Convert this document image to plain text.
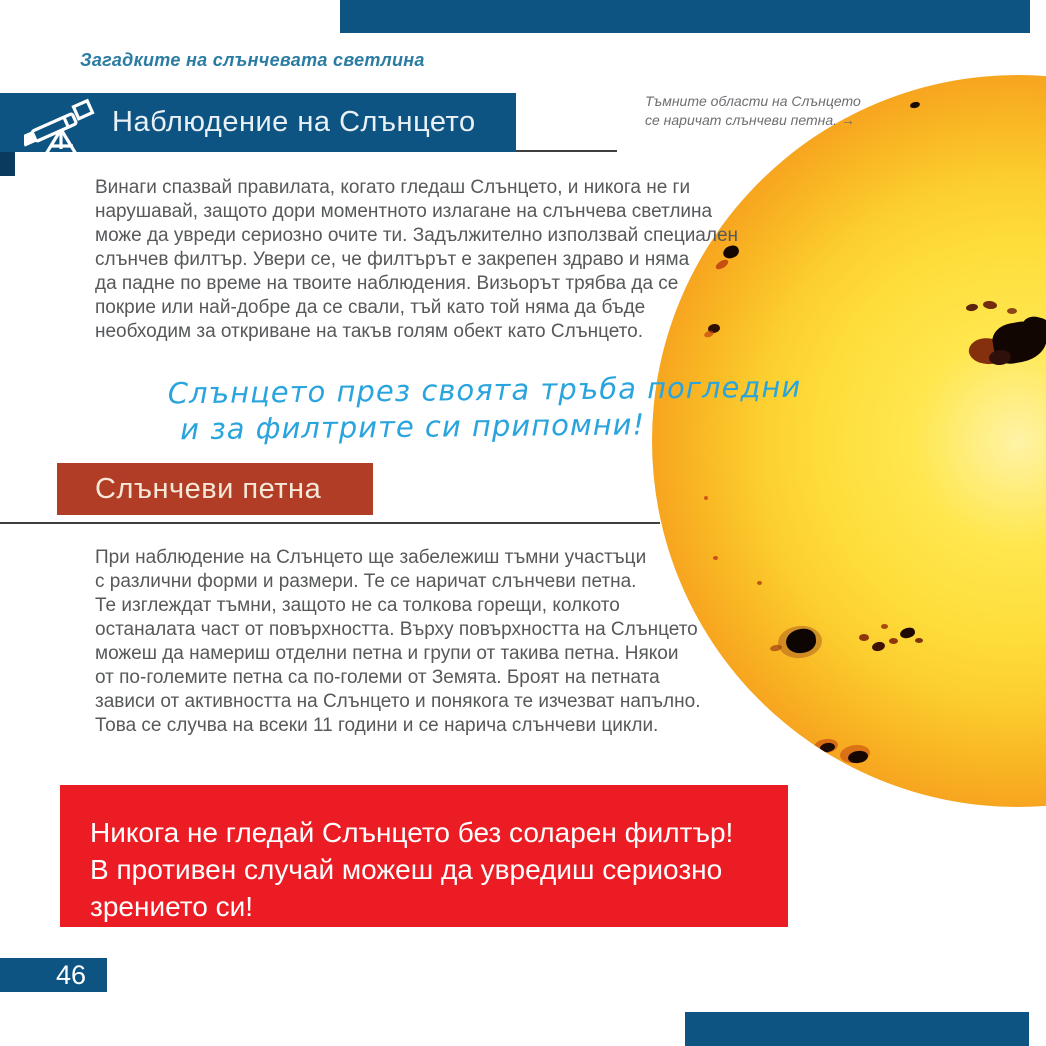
Загадките на слънчевата светлина
Наблюдение на Слънцето
Тъмните области на Слънцето
се наричат слънчеви петна. →
Винаги спазвай правилата, когато гледаш Слънцето, и никога не ги
нарушавай, защото дори моментното излагане на слънчева светлина
може да увреди сериозно очите ти. Задължително използвай специален
слънчев филтър. Увери се, че филтърът е закрепен здраво и няма
да падне по време на твоите наблюдения. Визьорът трябва да се
покрие или най-добре да се свали, тъй като той няма да бъде
необходим за откриване на такъв голям обект като Слънцето.
Слънцето през своята тръба погледни
и за филтрите си припомни!
Слънчеви петна
При наблюдение на Слънцето ще забележиш тъмни участъци
с различни форми и размери. Те се наричат слънчеви петна.
Те изглеждат тъмни, защото не са толкова горещи, колкото
останалата част от повърхността. Върху повърхността на Слънцето
можеш да намериш отделни петна и групи от такива петна. Някои
от по-големите петна са по-големи от Земята. Броят на петната
зависи от активността на Слънцето и понякога те изчезват напълно.
Това се случва на всеки 11 години и се нарича слънчеви цикли.
Никога не гледай Слънцето без соларен филтър!
В противен случай можеш да увредиш сериозно
зрението си!
46
